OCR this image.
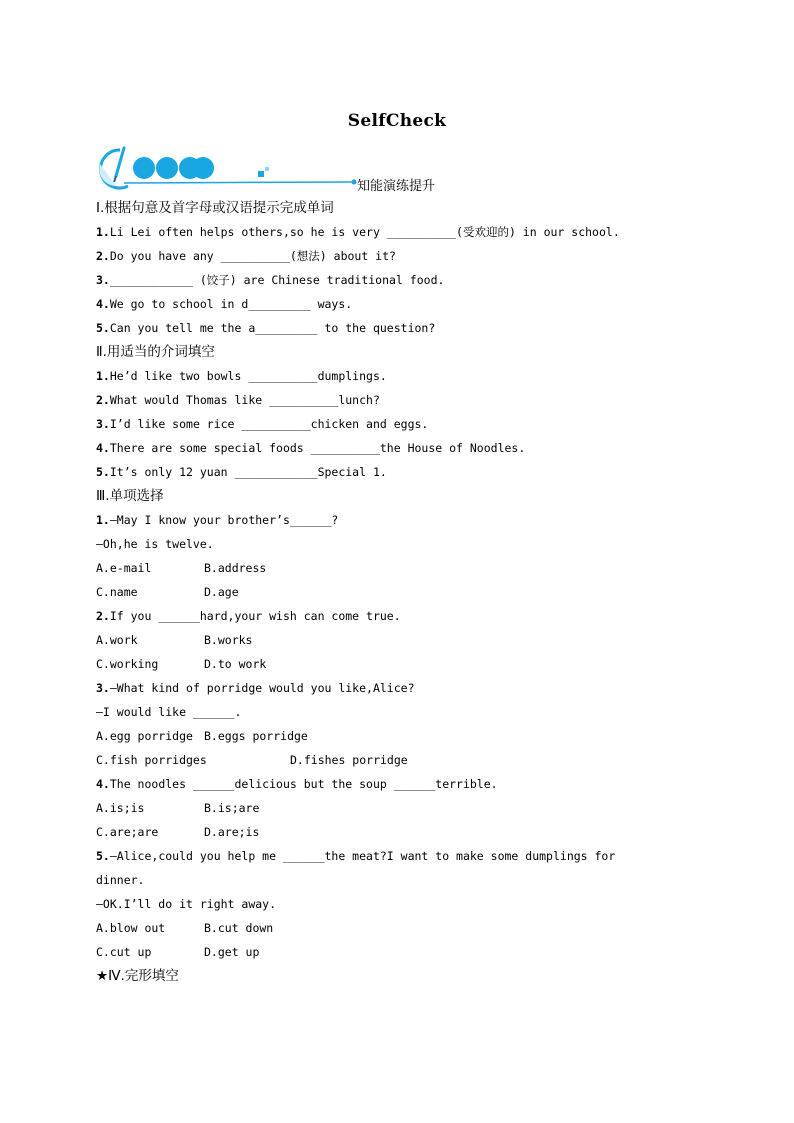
SelfCheck
知能演练提升
Ⅰ.根据句意及首字母或汉语提示完成单词
1.Li Lei often helps others,so he is very __________(受欢迎的) in our school.
2.Do you have any __________(想法) about it?
3.____________ (饺子) are Chinese traditional food.
4.We go to school in d_________ ways.
5.Can you tell me the a_________ to the question?
Ⅱ.用适当的介词填空
1.He’d like two bowls __________dumplings.
2.What would Thomas like __________lunch?
3.I’d like some rice __________chicken and eggs.
4.There are some special foods __________the House of Noodles.
5.It’s only 12 yuan ____________Special 1.
Ⅲ.单项选择
1.—May I know your brother’s______?
—Oh,he is twelve.
A.e-mail	B.address
C.name	D.age
2.If you ______hard,your wish can come true.
A.work	B.works
C.working	D.to work
3.—What kind of porridge would you like,Alice?
—I would like ______.
A.egg porridge B.eggs porridge
C.fish porridges	D.fishes porridge
4.The noodles ______delicious but the soup ______terrible.
A.is;is	B.is;are
C.are;are	D.are;is
5.—Alice,could you help me ______the meat?I want to make some dumplings for
dinner.
—OK.I’ll do it right away.
A.blow out	B.cut down
C.cut up	D.get up
★Ⅳ.完形填空
